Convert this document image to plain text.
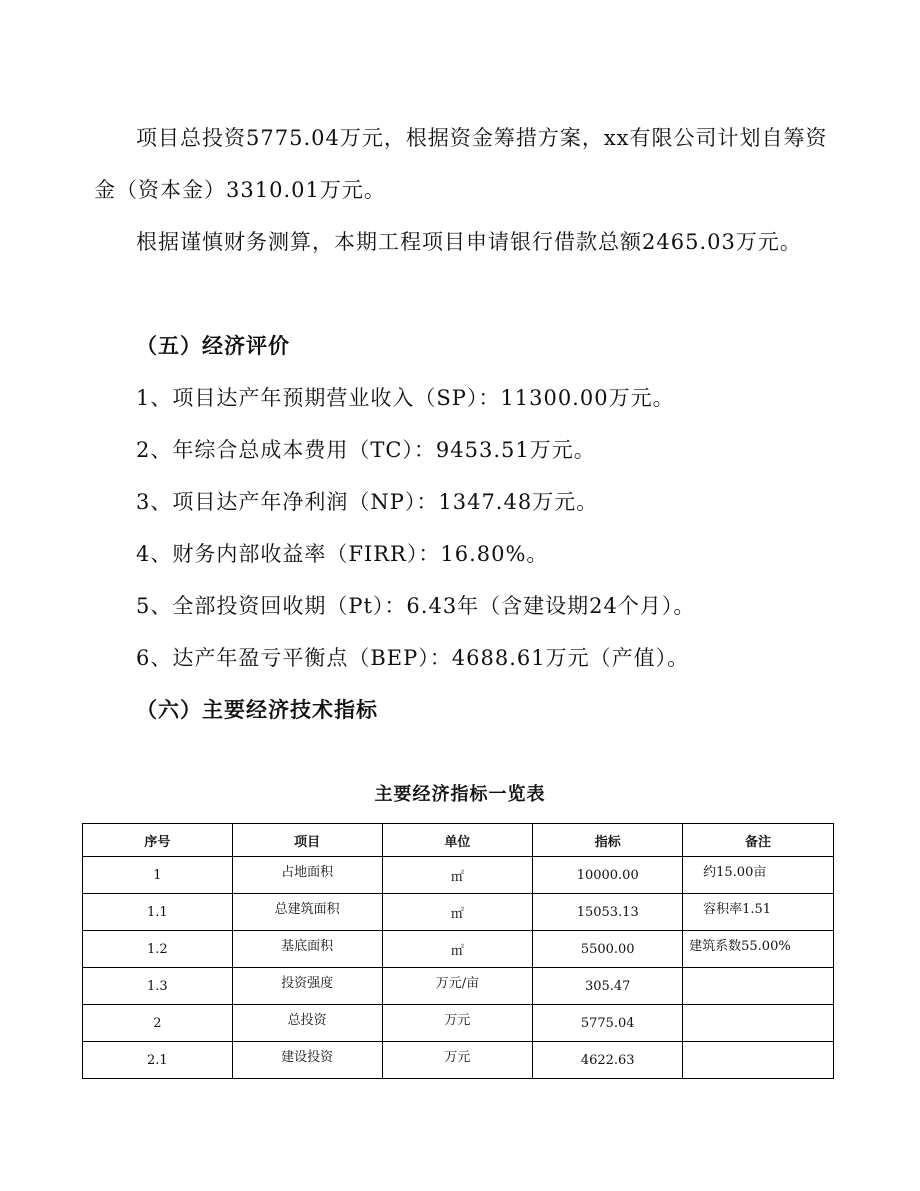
项目总投资5775.04万元，根据资金筹措方案，xx有限公司计划自筹资金（资本金）3310.01万元。

根据谨慎财务测算，本期工程项目申请银行借款总额2465.03万元。

（五）经济评价

1、项目达产年预期营业收入（SP）：11300.00万元。

2、年综合总成本费用（TC）：9453.51万元。

3、项目达产年净利润（NP）：1347.48万元。

4、财务内部收益率（FIRR）：16.80%。

5、全部投资回收期（Pt）：6.43年（含建设期24个月）。

6、达产年盈亏平衡点（BEP）：4688.61万元（产值）。

（六）主要经济技术指标

主要经济指标一览表

序号	项目	单位	指标	备注
1	占地面积	㎡	10000.00	约15.00亩
1.1	总建筑面积	㎡	15053.13	容积率1.51
1.2	基底面积	㎡	5500.00	建筑系数55.00%
1.3	投资强度	万元/亩	305.47	
2	总投资	万元	5775.04	
2.1	建设投资	万元	4622.63	
